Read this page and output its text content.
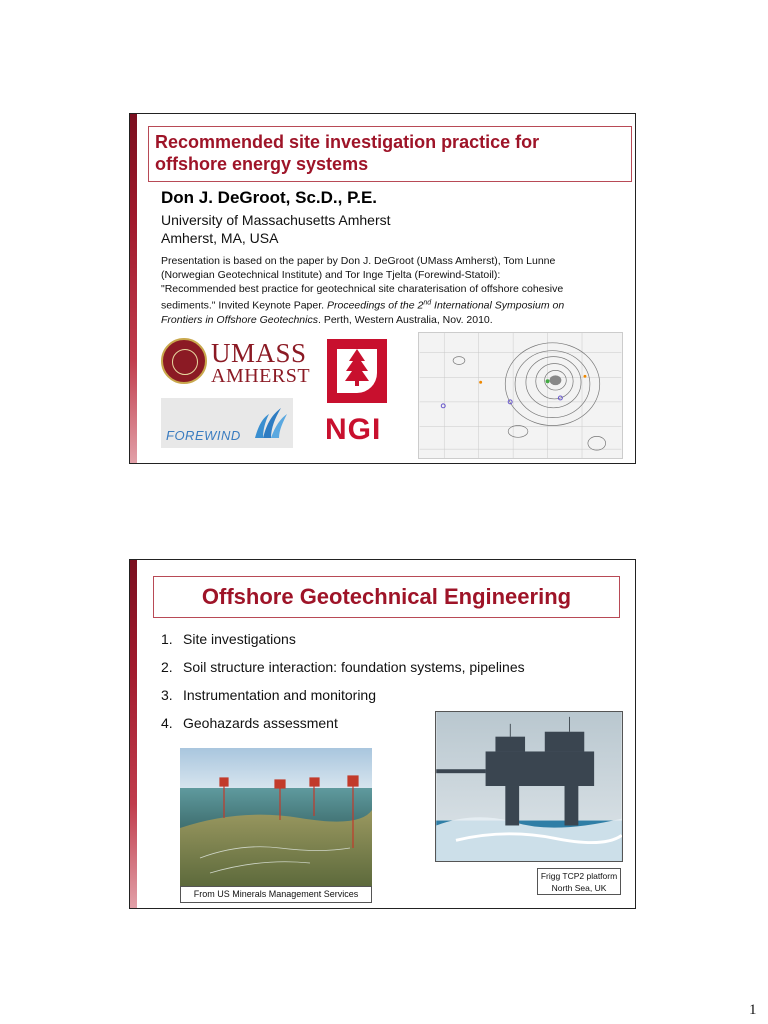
Recommended site investigation practice for
offshore energy systems
Don J. DeGroot, Sc.D., P.E.
University of Massachusetts Amherst
Amherst, MA, USA
Presentation is based on the paper by Don J. DeGroot (UMass Amherst), Tom Lunne
(Norwegian Geotechnical Institute) and Tor Inge Tjelta (Forewind-Statoil):
"Recommended best practice for geotechnical site charaterisation of offshore cohesive
sediments." Invited Keynote Paper. Proceedings of the 2nd International Symposium on
Frontiers in Offshore Geotechnics. Perth, Western Australia, Nov. 2010.
UMASS
AMHERST
FOREWIND	NGI
Offshore Geotechnical Engineering
1. Site investigations
2. Soil structure interaction: foundation systems, pipelines
3. Instrumentation and monitoring
4. Geohazards assessment
From US Minerals Management Services
Frigg TCP2 platform
North Sea, UK
1
